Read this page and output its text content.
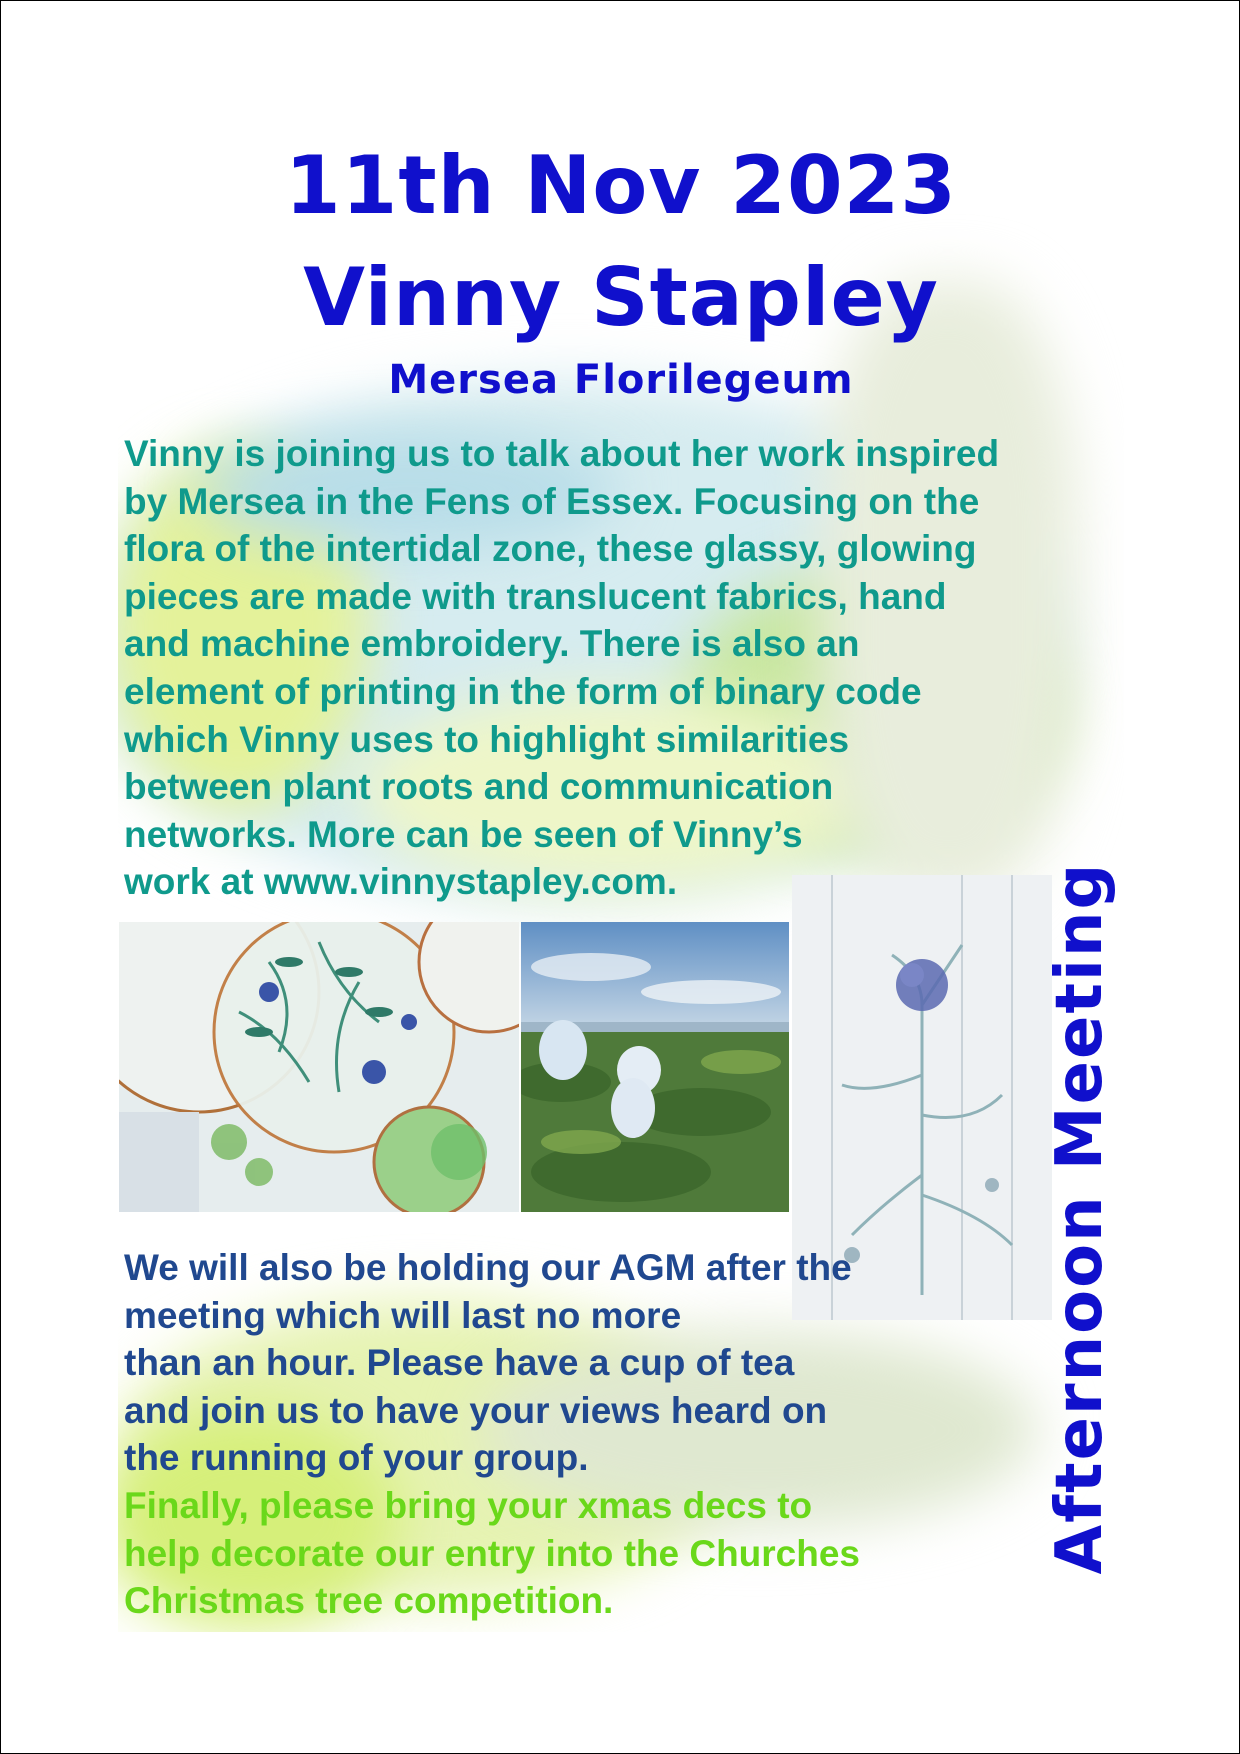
11th Nov 2023
Vinny Stapley
Mersea Florilegeum

Vinny is joining us to talk about her work inspired
by Mersea in the Fens of Essex. Focusing on the
flora of the intertidal zone, these glassy, glowing
pieces are made with translucent fabrics, hand
and machine embroidery. There is also an
element of printing in the form of binary code
which Vinny uses to highlight similarities
between plant roots and communication
networks. More can be seen of Vinny’s
work at www.vinnystapley.com.

We will also be holding our AGM after the
meeting which will last no more
than an hour. Please have a cup of tea
and join us to have your views heard on
the running of your group.

Finally, please bring your xmas decs to
help decorate our entry into the Churches
Christmas tree competition.

Afternoon Meeting
